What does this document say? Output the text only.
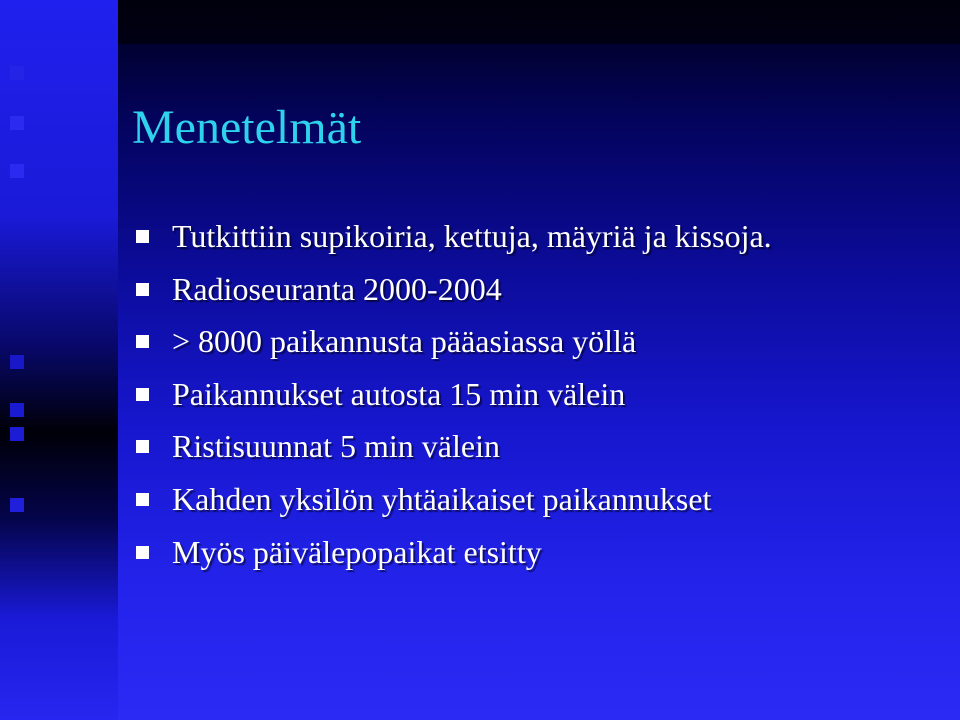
Menetelmät
Tutkittiin supikoiria, kettuja, mäyriä ja kissoja.
Radioseuranta 2000-2004
> 8000 paikannusta pääasiassa yöllä
Paikannukset autosta 15 min välein
Ristisuunnat 5 min välein
Kahden yksilön yhtäaikaiset paikannukset
Myös päivälepopaikat etsitty
